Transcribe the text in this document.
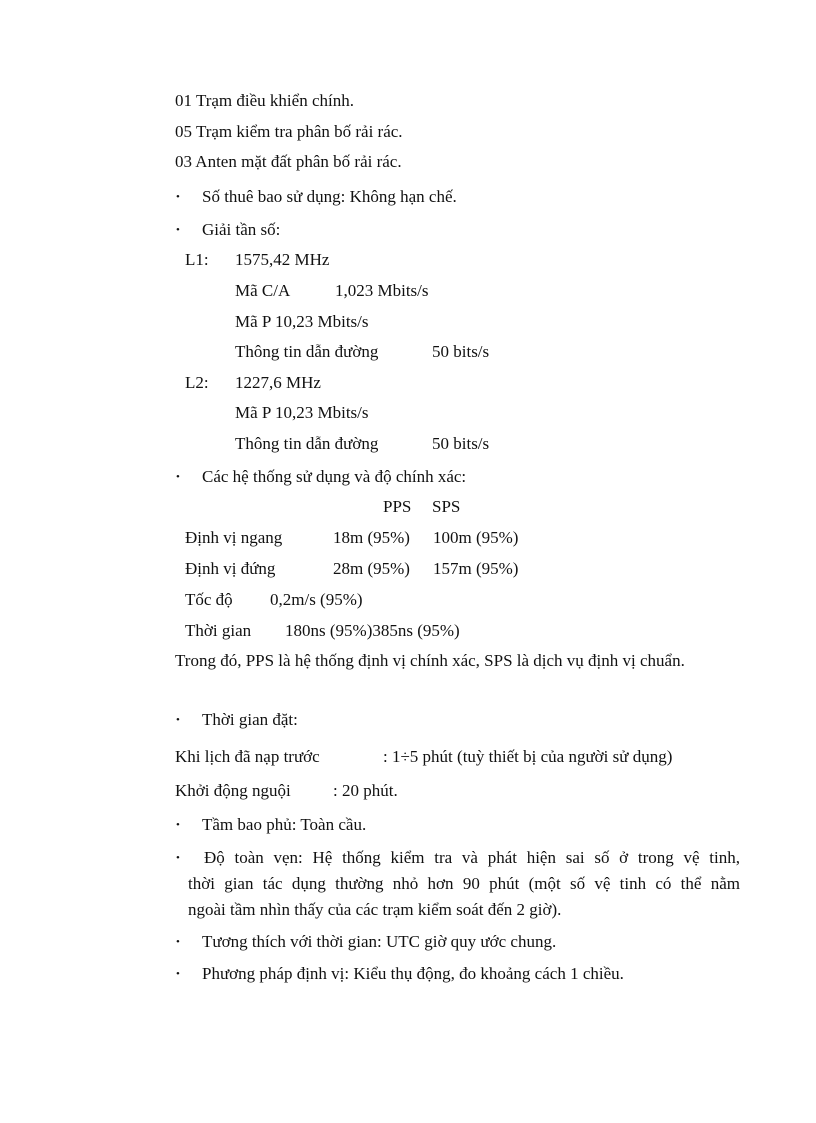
01 Trạm điều khiển chính.
05 Trạm kiểm tra phân bố rải rác.
03 Anten mặt đất phân bố rải rác.
• Số thuê bao sử dụng: Không hạn chế.
• Giải tần số:
L1: 1575,42 MHz
Mã C/A	1,023 Mbits/s
Mã P 10,23 Mbits/s
Thông tin dẫn đường	50 bits/s
L2: 1227,6 MHz
Mã P 10,23 Mbits/s
Thông tin dẫn đường	50 bits/s
• Các hệ thống sử dụng và độ chính xác:
PPS SPS
Định vị ngang	18m (95%) 100m (95%)
Định vị đứng	28m (95%) 157m (95%)
Tốc độ 0,2m/s (95%)
Thời gian 180ns (95%)385ns (95%)
Trong đó, PPS là hệ thống định vị chính xác, SPS là dịch vụ định vị chuẩn.
• Thời gian đặt:
Khi lịch đã nạp trước	: 1÷5 phút (tuỳ thiết bị của người sử dụng)
Khởi động nguội : 20 phút.
• Tầm bao phủ: Toàn cầu.
• Độ toàn vẹn: Hệ thống kiểm tra và phát hiện sai số ở trong vệ tinh,
thời gian tác dụng thường nhỏ hơn 90 phút (một số vệ tinh có thể nằm
ngoài tầm nhìn thấy của các trạm kiểm soát đến 2 giờ).
• Tương thích với thời gian: UTC giờ quy ước chung.
• Phương pháp định vị: Kiểu thụ động, đo khoảng cách 1 chiều.
